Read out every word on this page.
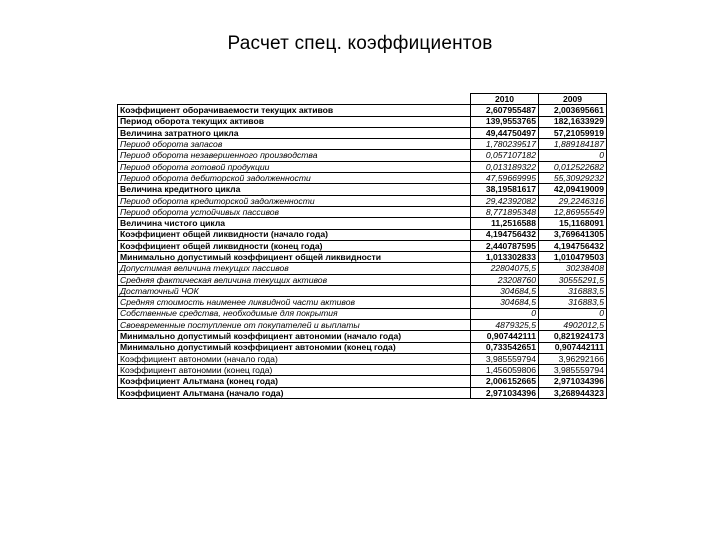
Расчет спец. коэффициентов
	2010	2009
Коэффициент оборачиваемости текущих активов	2,607955487	2,003695661
Период оборота текущих активов	139,9553765	182,1633929
Величина затратного цикла	49,44750497	57,21059919
Период оборота запасов	1,780239517	1,889184187
Период оборота незавершенного производства	0,057107182	0
Период оборота готовой продукции	0,013189322	0,012522682
Период оборота дебиторской задолженности	47,59669995	55,30929232
Величина кредитного цикла	38,19581617	42,09419009
Период оборота кредиторской задолженности	29,42392082	29,2246316
Период оборота устойчивых пассивов	8,771895348	12,86955549
Величина чистого цикла	11,2516588	15,1168091
Коэффициент общей ликвидности (начало года)	4,194756432	3,769641305
Коэффициент общей ликвидности (конец года)	2,440787595	4,194756432
Минимально допустимый коэффициент общей ликвидности	1,013302833	1,010479503
Допустимая величина текущих пассивов	22804075,5	30238408
Средняя фактическая величина текущих активов	23208760	30555291,5
Достаточный ЧОК	304684,5	316883,5
Средняя стоимость наименее ликвидной части активов	304684,5	316883,5
Собственные средства, необходимые для покрытия	0	0
Своевременные поступление от покупателей и выплаты	4879325,5	4902012,5
Минимально допустимый коэффициент автономии (начало года)	0,907442111	0,821924173
Минимально допустимый коэффициент автономии (конец года)	0,733542651	0,907442111
Коэффициент автономии (начало года)	3,985559794	3,96292166
Коэффициент автономии (конец года)	1,456059806	3,985559794
Коэффициент Альтмана (конец года)	2,006152665	2,971034396
Коэффициент Альтмана (начало года)	2,971034396	3,268944323
